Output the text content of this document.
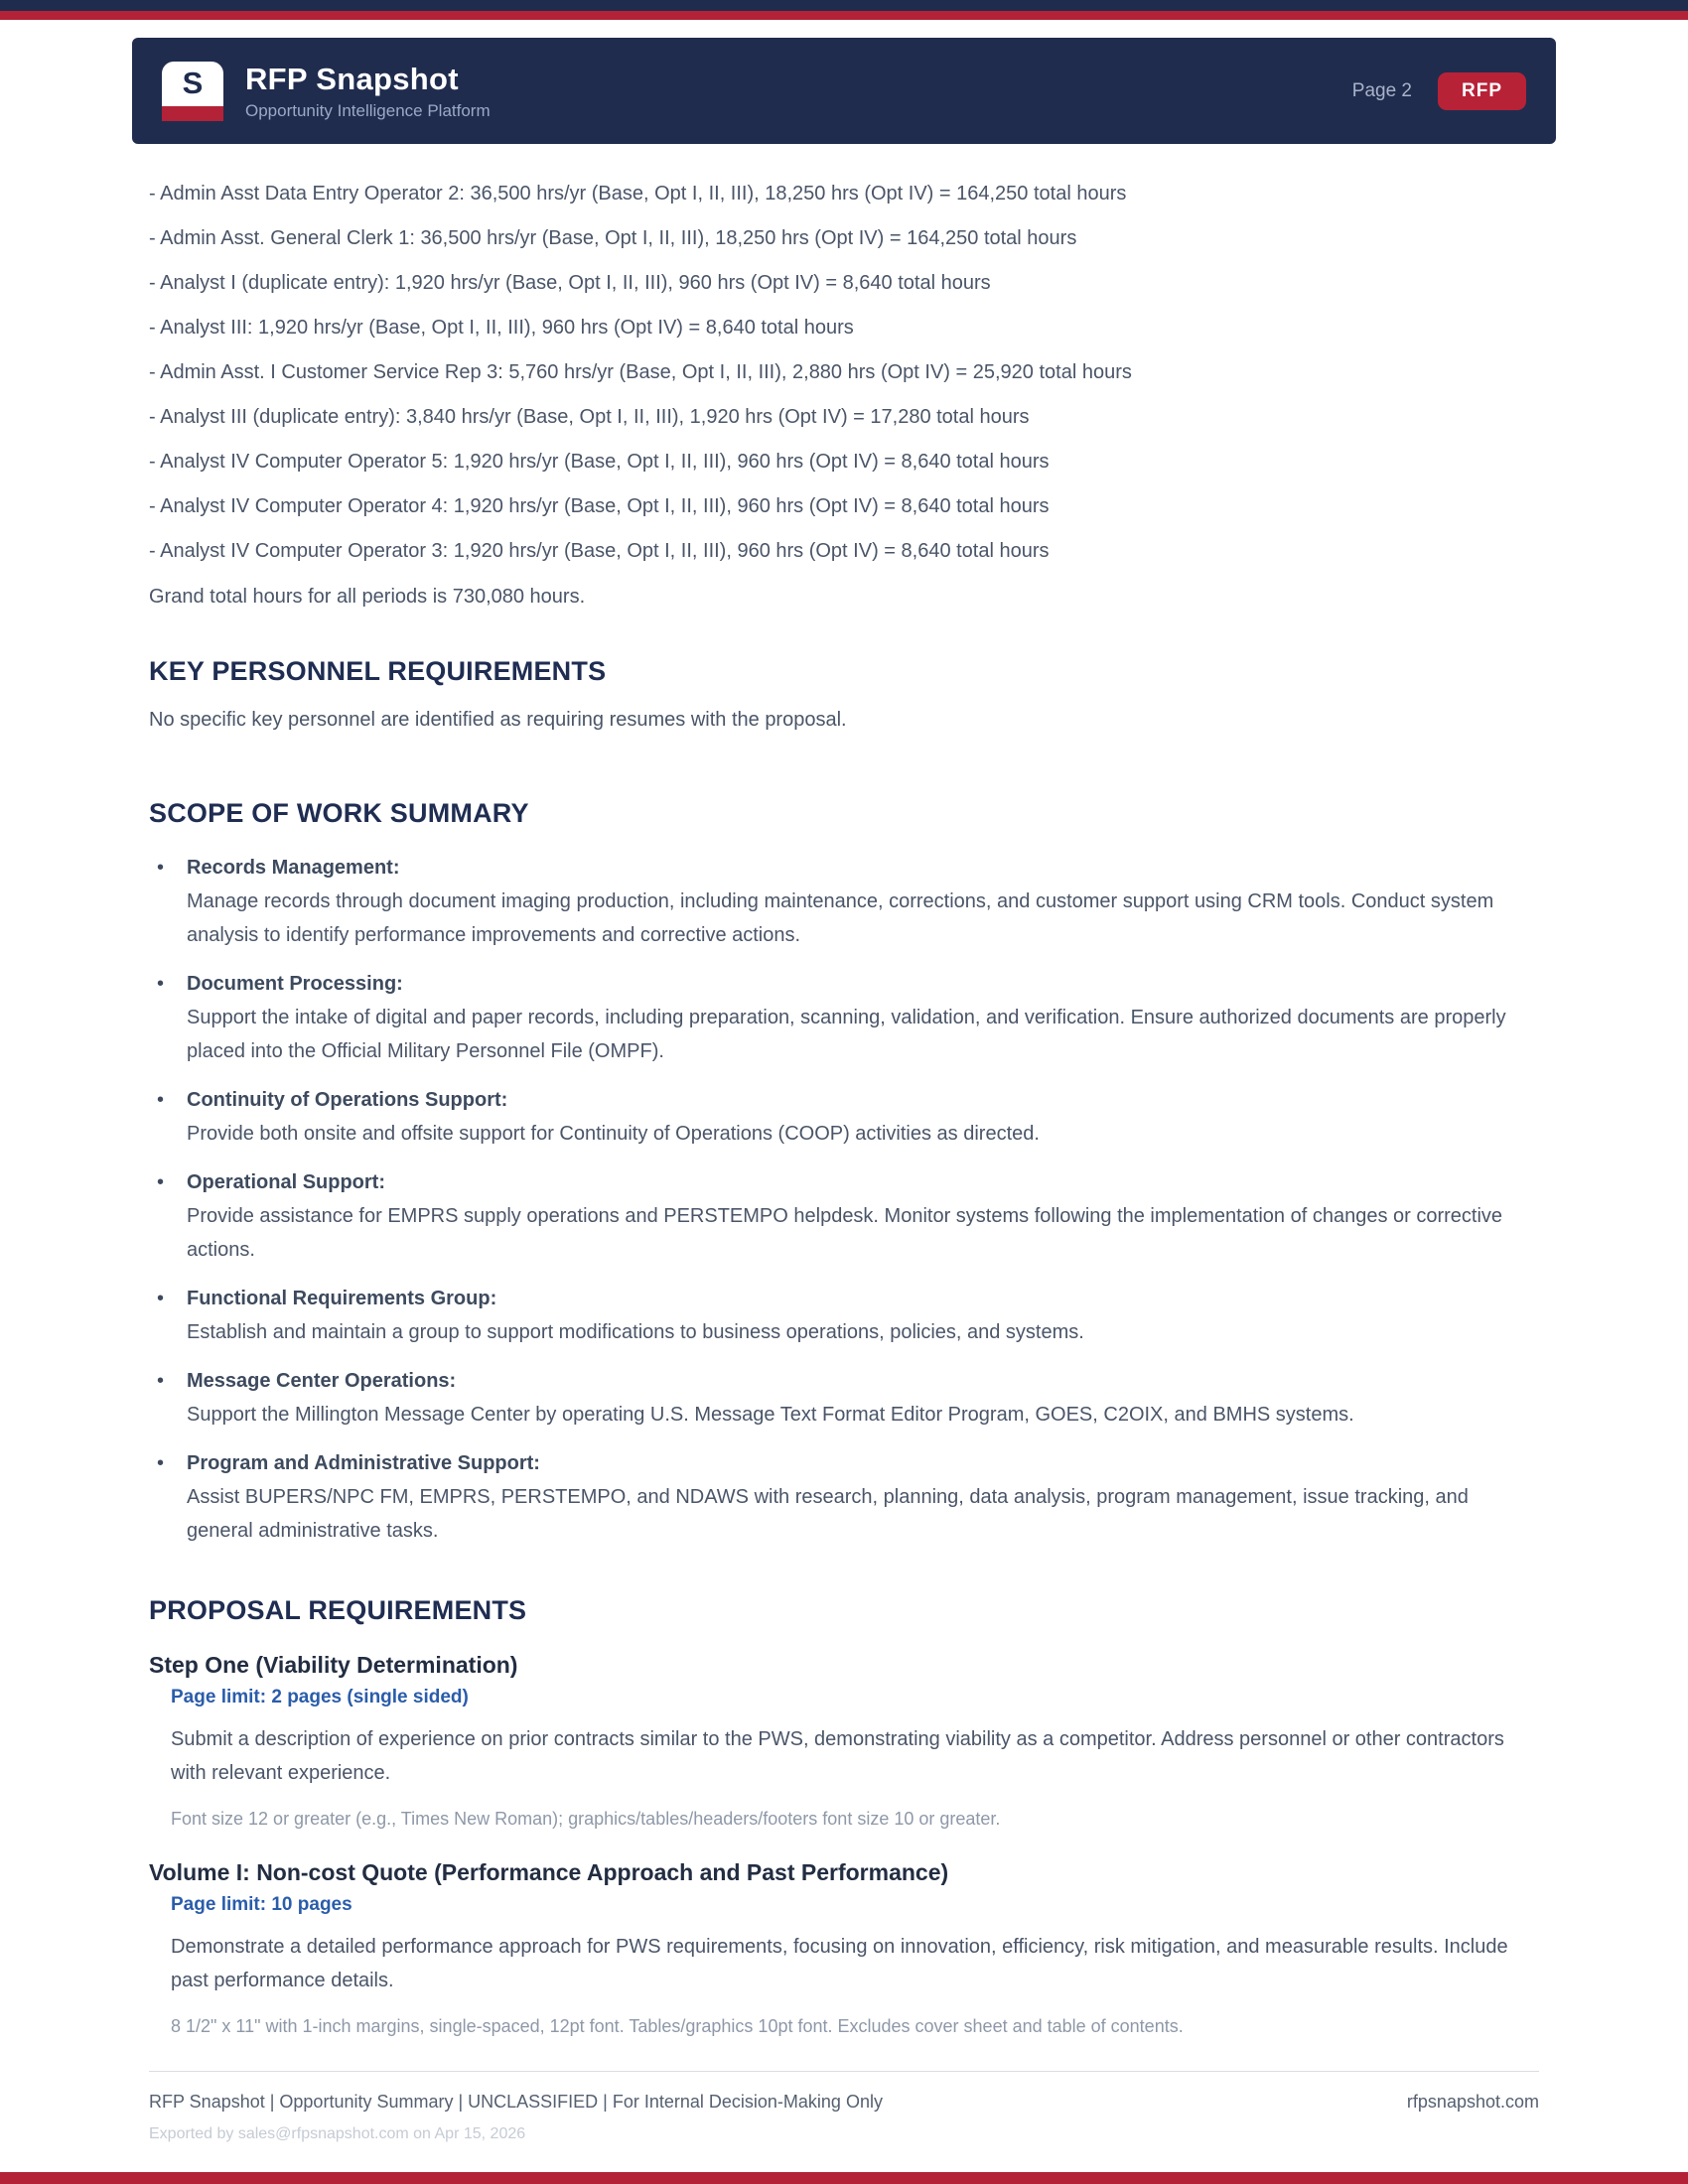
S	RFP Snapshot
Opportunity Intelligence Platform
Page 2	RFP

- Admin Asst Data Entry Operator 2: 36,500 hrs/yr (Base, Opt I, II, III), 18,250 hrs (Opt IV) = 164,250 total hours

- Admin Asst. General Clerk 1: 36,500 hrs/yr (Base, Opt I, II, III), 18,250 hrs (Opt IV) = 164,250 total hours

- Analyst I (duplicate entry): 1,920 hrs/yr (Base, Opt I, II, III), 960 hrs (Opt IV) = 8,640 total hours

- Analyst III: 1,920 hrs/yr (Base, Opt I, II, III), 960 hrs (Opt IV) = 8,640 total hours

- Admin Asst. I Customer Service Rep 3: 5,760 hrs/yr (Base, Opt I, II, III), 2,880 hrs (Opt IV) = 25,920 total hours

- Analyst III (duplicate entry): 3,840 hrs/yr (Base, Opt I, II, III), 1,920 hrs (Opt IV) = 17,280 total hours

- Analyst IV Computer Operator 5: 1,920 hrs/yr (Base, Opt I, II, III), 960 hrs (Opt IV) = 8,640 total hours

- Analyst IV Computer Operator 4: 1,920 hrs/yr (Base, Opt I, II, III), 960 hrs (Opt IV) = 8,640 total hours

- Analyst IV Computer Operator 3: 1,920 hrs/yr (Base, Opt I, II, III), 960 hrs (Opt IV) = 8,640 total hours

Grand total hours for all periods is 730,080 hours.

KEY PERSONNEL REQUIREMENTS

No specific key personnel are identified as requiring resumes with the proposal.

SCOPE OF WORK SUMMARY
•	Records Management:
Manage records through document imaging production, including maintenance, corrections, and customer support using CRM tools. Conduct system analysis to identify performance improvements and corrective actions.
•	Document Processing:
Support the intake of digital and paper records, including preparation, scanning, validation, and verification. Ensure authorized documents are properly placed into the Official Military Personnel File (OMPF).
•	Continuity of Operations Support:
Provide both onsite and offsite support for Continuity of Operations (COOP) activities as directed.
•	Operational Support:
Provide assistance for EMPRS supply operations and PERSTEMPO helpdesk. Monitor systems following the implementation of changes or corrective actions.
•	Functional Requirements Group:
Establish and maintain a group to support modifications to business operations, policies, and systems.
•	Message Center Operations:
Support the Millington Message Center by operating U.S. Message Text Format Editor Program, GOES, C2OIX, and BMHS systems.
•	Program and Administrative Support:
Assist BUPERS/NPC FM, EMPRS, PERSTEMPO, and NDAWS with research, planning, data analysis, program management, issue tracking, and general administrative tasks.
PROPOSAL REQUIREMENTS
Step One (Viability Determination)
Page limit: 2 pages (single sided)

Submit a description of experience on prior contracts similar to the PWS, demonstrating viability as a competitor. Address personnel or other contractors with relevant experience.

Font size 12 or greater (e.g., Times New Roman); graphics/tables/headers/footers font size 10 or greater.

Volume I: Non-cost Quote (Performance Approach and Past Performance)
Page limit: 10 pages

Demonstrate a detailed performance approach for PWS requirements, focusing on innovation, efficiency, risk mitigation, and measurable results. Include past performance details.

8 1/2" x 11" with 1-inch margins, single-spaced, 12pt font. Tables/graphics 10pt font. Excludes cover sheet and table of contents.

RFP Snapshot | Opportunity Summary | UNCLASSIFIED | For Internal Decision-Making Only	rfpsnapshot.com
Exported by sales@rfpsnapshot.com on Apr 15, 2026
